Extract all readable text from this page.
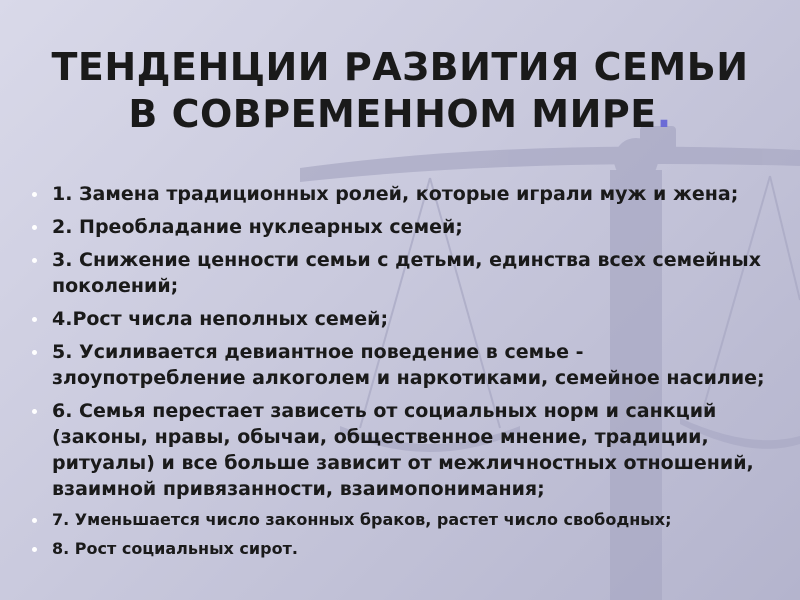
ТЕНДЕНЦИИ РАЗВИТИЯ СЕМЬИ
В СОВРЕМЕННОМ МИРЕ.
1. Замена традиционных ролей, которые играли муж и жена;
2. Преобладание нуклеарных семей;
3. Снижение ценности семьи с детьми, единства всех семейных поколений;
4.Рост числа неполных семей;
5. Усиливается девиантное поведение в семье - злоупотребление алкоголем и наркотиками, семейное насилие;
6. Семья перестает зависеть от социальных норм и санкций (законы, нравы, обычаи, общественное мнение, традиции, ритуалы) и все больше зависит от межличностных отношений, взаимной привязанности, взаимопонимания;
7. Уменьшается число законных браков, растет число свободных;
8. Рост социальных сирот.
